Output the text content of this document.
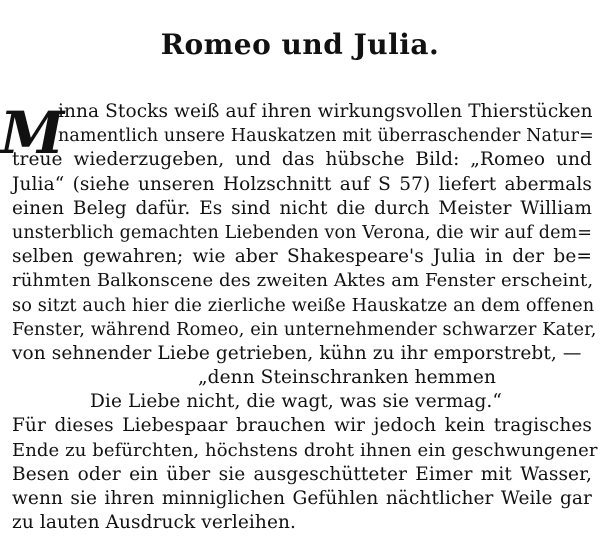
Romeo und Julia.
M
inna Stocks weiß auf ihren wirkungsvollen Thierstücken
namentlich unsere Hauskatzen mit überraschender Natur=
treue wiederzugeben, und das hübsche Bild: „Romeo und
Julia“ (siehe unseren Holzschnitt auf S 57) liefert abermals
einen Beleg dafür. Es sind nicht die durch Meister William
unsterblich gemachten Liebenden von Verona, die wir auf dem=
selben gewahren; wie aber Shakespeare's Julia in der be=
rühmten Balkonscene des zweiten Aktes am Fenster erscheint,
so sitzt auch hier die zierliche weiße Hauskatze an dem offenen
Fenster, während Romeo, ein unternehmender schwarzer Kater,
von sehnender Liebe getrieben, kühn zu ihr emporstrebt, —
„denn Steinschranken hemmen
Die Liebe nicht, die wagt, was sie vermag.“
Für dieses Liebespaar brauchen wir jedoch kein tragisches
Ende zu befürchten, höchstens droht ihnen ein geschwungener
Besen oder ein über sie ausgeschütteter Eimer mit Wasser,
wenn sie ihren minniglichen Gefühlen nächtlicher Weile gar
zu lauten Ausdruck verleihen.
